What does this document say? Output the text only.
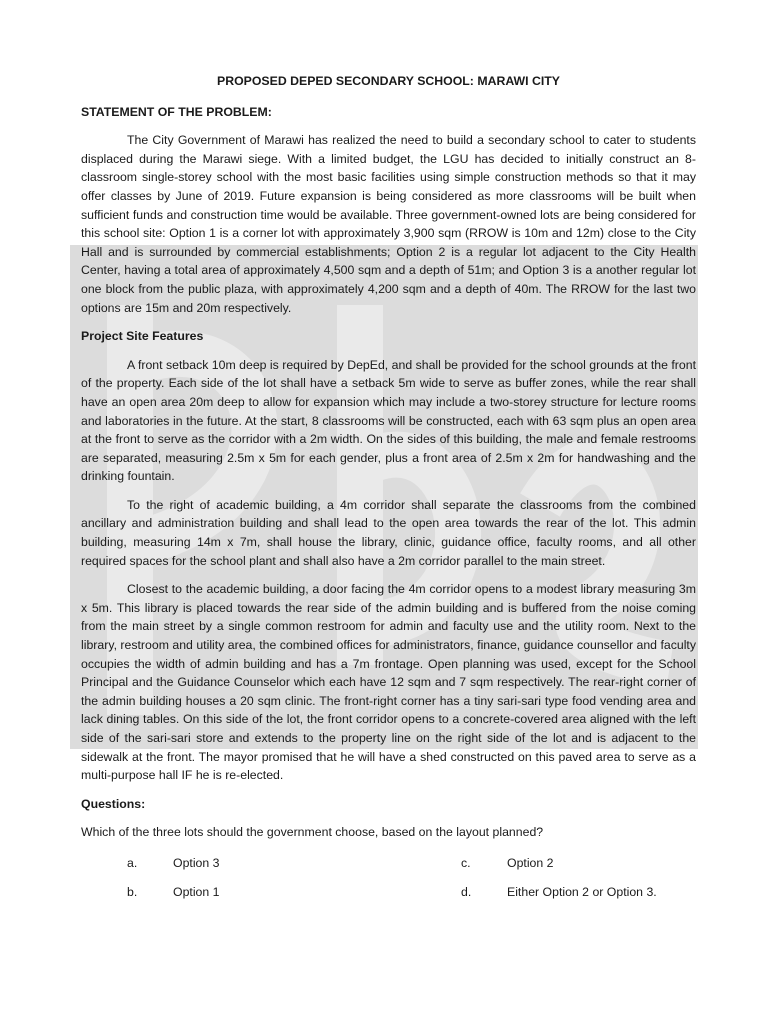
PROPOSED DEPED SECONDARY SCHOOL: MARAWI CITY
STATEMENT OF THE PROBLEM:

The City Government of Marawi has realized the need to build a secondary school to cater to students displaced during the Marawi siege. With a limited budget, the LGU has decided to initially construct an 8-classroom single-storey school with the most basic facilities using simple construction methods so that it may offer classes by June of 2019. Future expansion is being considered as more classrooms will be built when sufficient funds and construction time would be available. Three government-owned lots are being considered for this school site: Option 1 is a corner lot with approximately 3,900 sqm (RROW is 10m and 12m) close to the City Hall and is surrounded by commercial establishments; Option 2 is a regular lot adjacent to the City Health Center, having a total area of approximately 4,500 sqm and a depth of 51m; and Option 3 is a another regular lot one block from the public plaza, with approximately 4,200 sqm and a depth of 40m. The RROW for the last two options are 15m and 20m respectively.

Project Site Features

A front setback 10m deep is required by DepEd, and shall be provided for the school grounds at the front of the property. Each side of the lot shall have a setback 5m wide to serve as buffer zones, while the rear shall have an open area 20m deep to allow for expansion which may include a two-storey structure for lecture rooms and laboratories in the future. At the start, 8 classrooms will be constructed, each with 63 sqm plus an open area at the front to serve as the corridor with a 2m width. On the sides of this building, the male and female restrooms are separated, measuring 2.5m x 5m for each gender, plus a front area of 2.5m x 2m for handwashing and the drinking fountain.

To the right of academic building, a 4m corridor shall separate the classrooms from the combined ancillary and administration building and shall lead to the open area towards the rear of the lot. This admin building, measuring 14m x 7m, shall house the library, clinic, guidance office, faculty rooms, and all other required spaces for the school plant and shall also have a 2m corridor parallel to the main street.

Closest to the academic building, a door facing the 4m corridor opens to a modest library measuring 3m x 5m. This library is placed towards the rear side of the admin building and is buffered from the noise coming from the main street by a single common restroom for admin and faculty use and the utility room. Next to the library, restroom and utility area, the combined offices for administrators, finance, guidance counsellor and faculty occupies the width of admin building and has a 7m frontage. Open planning was used, except for the School Principal and the Guidance Counselor which each have 12 sqm and 7 sqm respectively. The rear-right corner of the admin building houses a 20 sqm clinic. The front-right corner has a tiny sari-sari type food vending area and lack dining tables. On this side of the lot, the front corridor opens to a concrete-covered area aligned with the left side of the sari-sari store and extends to the property line on the right side of the lot and is adjacent to the sidewalk at the front. The mayor promised that he will have a shed constructed on this paved area to serve as a multi-purpose hall IF he is re-elected.

Questions:
Which of the three lots should the government choose, based on the layout planned?
a.	Option 3	c.	Option 2
b.	Option 1	d.	Either Option 2 or Option 3.
